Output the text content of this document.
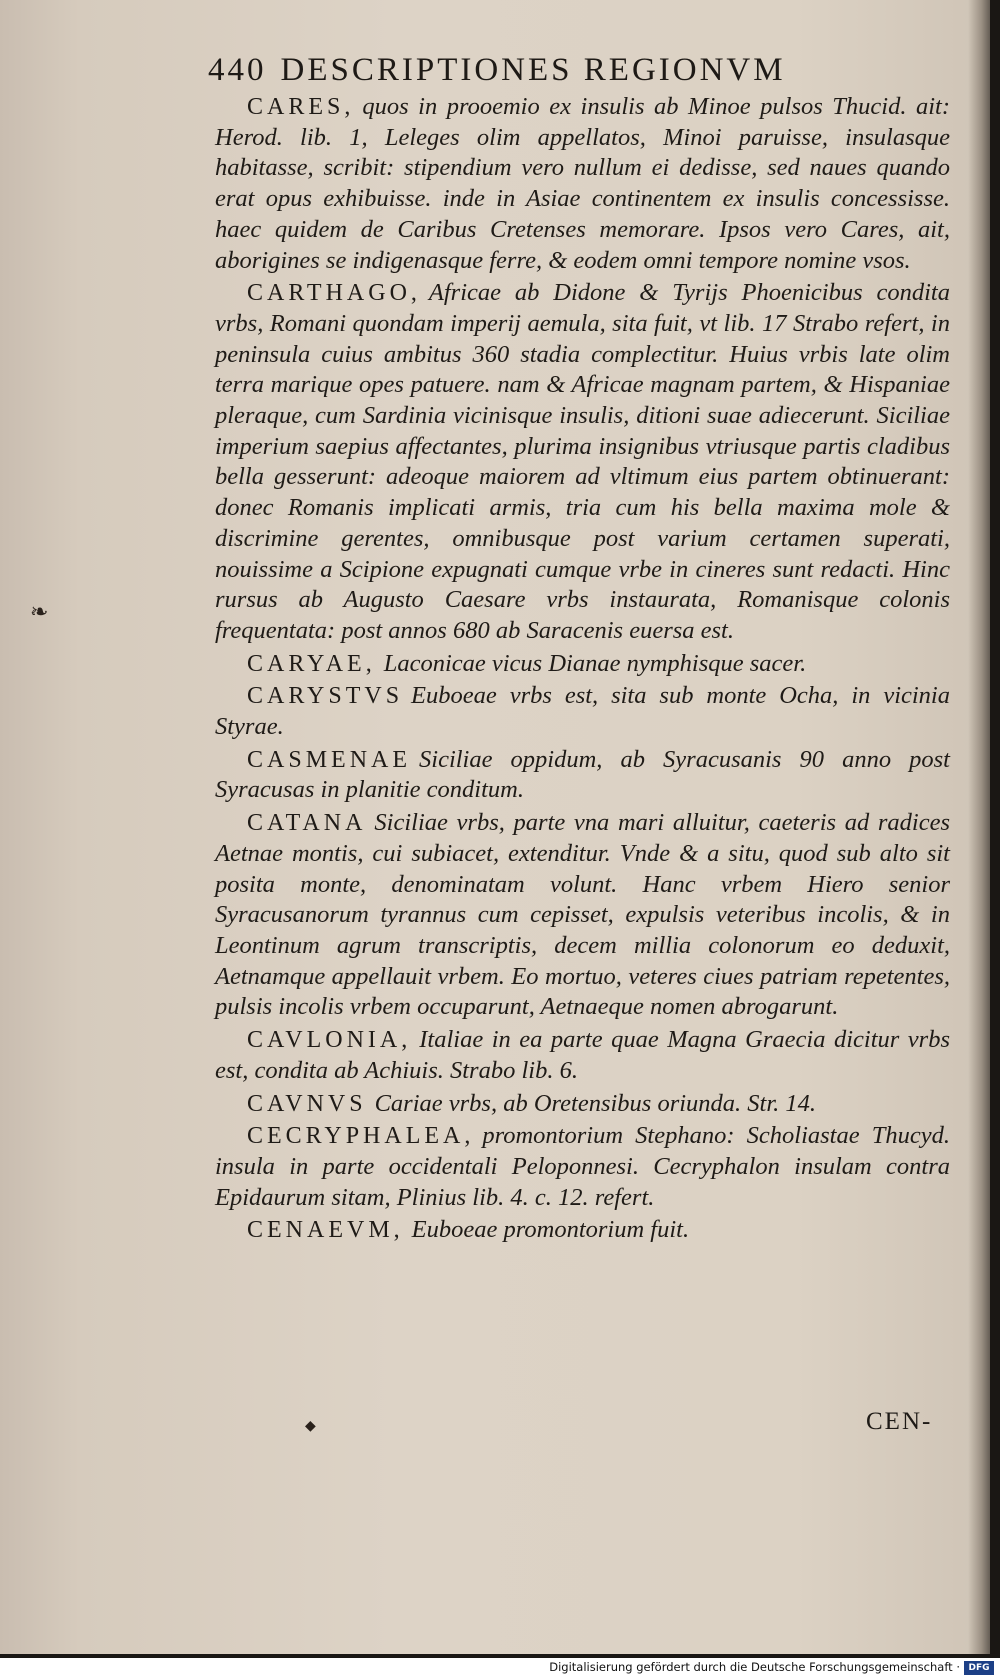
440 DESCRIPTIONES REGIONVM

CARES, quos in prooemio ex insulis ab Minoe pulsos Thucid. ait: Herod. lib. 1, Leleges olim appellatos, Minoi paruisse, insulasque habitasse, scribit: stipendium vero nullum ei dedisse, sed naues quando erat opus exhibuisse. inde in Asiae continentem ex insulis concessisse. haec quidem de Caribus Cretenses memorare. Ipsos vero Cares, ait, aborigines se indigenasque ferre, & eodem omni tempore nomine vsos.

CARTHAGO, Africae ab Didone & Tyrijs Phoenicibus condita vrbs, Romani quondam imperij aemula, sita fuit, vt lib. 17 Strabo refert, in peninsula cuius ambitus 360 stadia complectitur. Huius vrbis late olim terra marique opes patuere. nam & Africae magnam partem, & Hispaniae pleraque, cum Sardinia vicinisque insulis, ditioni suae adiecerunt. Siciliae imperium saepius affectantes, plurima insignibus vtriusque partis cladibus bella gesserunt: adeoque maiorem ad vltimum eius partem obtinuerant: donec Romanis implicati armis, tria cum his bella maxima mole & discrimine gerentes, omnibusque post varium certamen superati, nouissime a Scipione expugnati cumque vrbe in cineres sunt redacti. Hinc rursus ab Augusto Caesare vrbs instaurata, Romanisque colonis frequentata: post annos 680 ab Saracenis euersa est.

CARYAE, Laconicae vicus Dianae nymphisque sacer.

CARYSTVS Euboeae vrbs est, sita sub monte Ocha, in vicinia Styrae.

CASMENAE Siciliae oppidum, ab Syracusanis 90 anno post Syracusas in planitie conditum.

CATANA Siciliae vrbs, parte vna mari alluitur, caeteris ad radices Aetnae montis, cui subiacet, extenditur. Vnde & a situ, quod sub alto sit posita monte, denominatam volunt. Hanc vrbem Hiero senior Syracusanorum tyrannus cum cepisset, expulsis veteribus incolis, & in Leontinum agrum transcriptis, decem millia colonorum eo deduxit, Aetnamque appellauit vrbem. Eo mortuo, veteres ciues patriam repetentes, pulsis incolis vrbem occuparunt, Aetnaeque nomen abrogarunt.

CAVLONIA, Italiae in ea parte quae Magna Graecia dicitur vrbs est, condita ab Achiuis. Strabo lib. 6.

CAVNVS Cariae vrbs, ab Oretensibus oriunda. Str. 14.

CECRYPHALEA, promontorium Stephano: Scholiastae Thucyd. insula in parte occidentali Peloponnesi. Cecryphalon insulam contra Epidaurum sitam, Plinius lib. 4. c. 12. refert.

CENAEVM, Euboeae promontorium fuit.

❧
◆	CEN-
Digitalisierung gefördert durch die Deutsche Forschungsgemeinschaft · DFG
